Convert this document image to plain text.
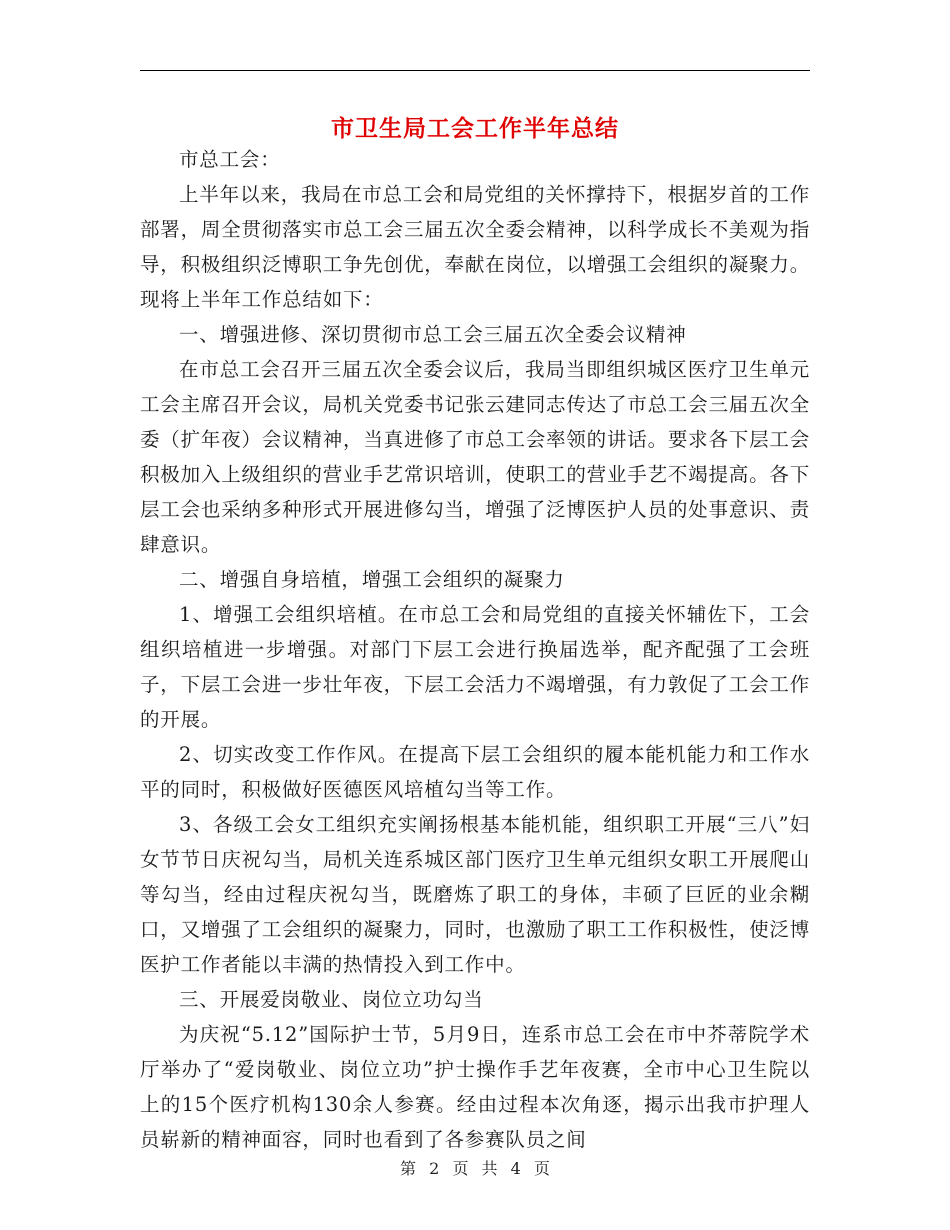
市卫生局工会工作半年总结

市总工会：

上半年以来，我局在市总工会和局党组的关怀撑持下，根据岁首的工作部署，周全贯彻落实市总工会三届五次全委会精神，以科学成长不美观为指导，积极组织泛博职工争先创优，奉献在岗位，以增强工会组织的凝聚力。现将上半年工作总结如下：

一、增强进修、深切贯彻市总工会三届五次全委会议精神

在市总工会召开三届五次全委会议后，我局当即组织城区医疗卫生单元工会主席召开会议，局机关党委书记张云建同志传达了市总工会三届五次全委（扩年夜）会议精神，当真进修了市总工会率领的讲话。要求各下层工会积极加入上级组织的营业手艺常识培训，使职工的营业手艺不竭提高。各下层工会也采纳多种形式开展进修勾当，增强了泛博医护人员的处事意识、责肆意识。

二、增强自身培植，增强工会组织的凝聚力

1、增强工会组织培植。在市总工会和局党组的直接关怀辅佐下，工会组织培植进一步增强。对部门下层工会进行换届选举，配齐配强了工会班子，下层工会进一步壮年夜，下层工会活力不竭增强，有力敦促了工会工作的开展。

2、切实改变工作作风。在提高下层工会组织的履本能机能力和工作水平的同时，积极做好医德医风培植勾当等工作。

3、各级工会女工组织充实阐扬根基本能机能，组织职工开展“三八”妇女节节日庆祝勾当，局机关连系城区部门医疗卫生单元组织女职工开展爬山等勾当，经由过程庆祝勾当，既磨炼了职工的身体，丰硕了巨匠的业余糊口，又增强了工会组织的凝聚力，同时，也激励了职工工作积极性，使泛博医护工作者能以丰满的热情投入到工作中。

三、开展爱岗敬业、岗位立功勾当

为庆祝“5.12”国际护士节，5月9日，连系市总工会在市中芥蒂院学术厅举办了“爱岗敬业、岗位立功”护士操作手艺年夜赛，全市中心卫生院以上的15个医疗机构130余人参赛。经由过程本次角逐，揭示出我市护理人员崭新的精神面容，同时也看到了各参赛队员之间

第 2 页 共 4 页
